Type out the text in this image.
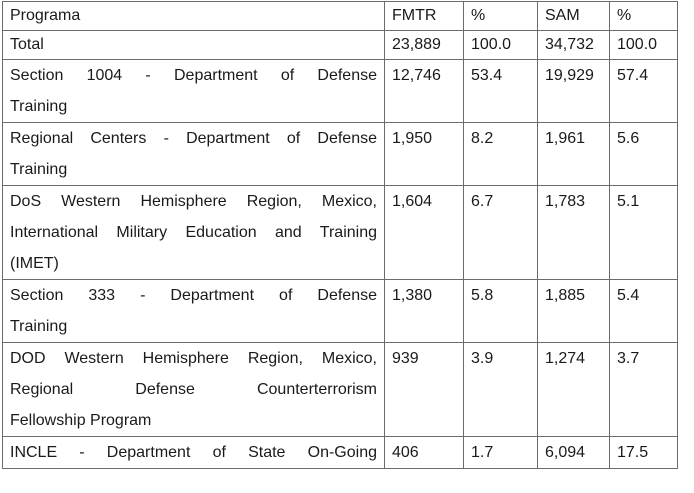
Programa	FMTR	%	SAM	%

Total	23,889	100.0	34,732	100.0

Section 1004 - Department of Defense
Training	12,746	53.4	19,929	57.4

Regional Centers - Department of Defense
Training	1,950	8.2	1,961	5.6

DoS Western Hemisphere Region, Mexico,
International Military Education and Training
(IMET)	1,604	6.7	1,783	5.1

Section 333 - Department of Defense
Training	1,380	5.8	1,885	5.4

DOD Western Hemisphere Region, Mexico,
Regional Defense Counterterrorism
Fellowship Program	939	3.9	1,274	3.7

INCLE - Department of State On-Going	406	1.7	6,094	17.5
